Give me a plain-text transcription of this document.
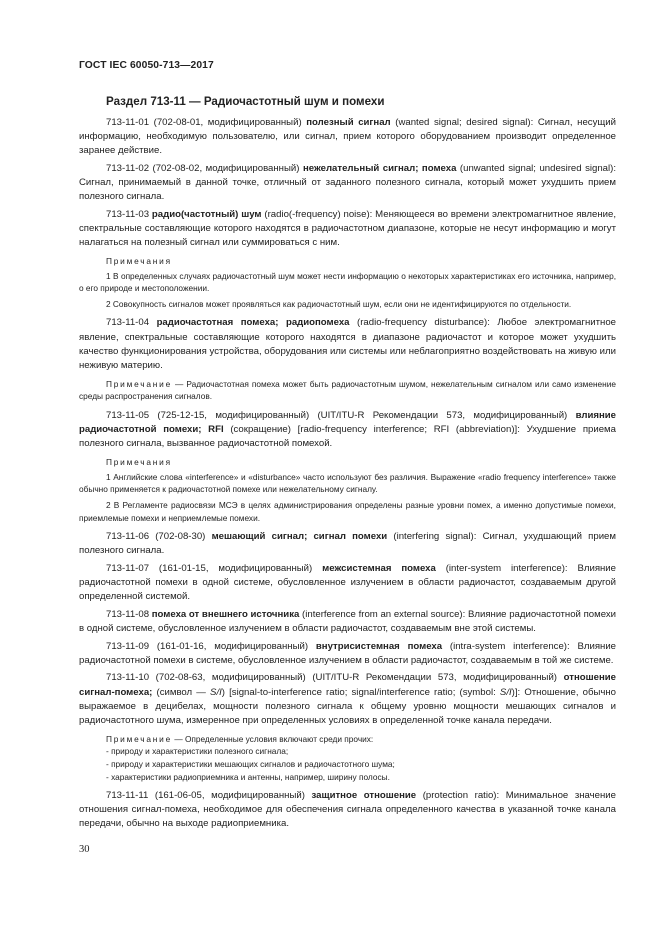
ГОСТ IEC 60050-713—2017
Раздел 713-11 — Радиочастотный шум и помехи

713-11-01 (702-08-01, модифицированный) полезный сигнал (wanted signal; desired signal): Сигнал, несущий информацию, необходимую пользователю, или сигнал, прием которого оборудованием производит определенное заранее действие.

713-11-02 (702-08-02, модифицированный) нежелательный сигнал; помеха (unwanted signal; undesired signal): Сигнал, принимаемый в данной точке, отличный от заданного полезного сигнала, который может ухудшить прием полезного сигнала.

713-11-03 радио(частотный) шум (radio(-frequency) noise): Меняющееся во времени электромагнитное явление, спектральные составляющие которого находятся в радиочастотном диапазоне, которые не несут информацию и могут налагаться на полезный сигнал или суммироваться с ним.

Примечания

1 В определенных случаях радиочастотный шум может нести информацию о некоторых характеристиках его источника, например, о его природе и местоположении.

2 Совокупность сигналов может проявляться как радиочастотный шум, если они не идентифицируются по отдельности.

713-11-04 радиочастотная помеха; радиопомеха (radio-frequency disturbance): Любое электромагнитное явление, спектральные составляющие которого находятся в диапазоне радиочастот и которое может ухудшить качество функционирования устройства, оборудования или системы или неблагоприятно воздействовать на живую или неживую материю.

Примечание — Радиочастотная помеха может быть радиочастотным шумом, нежелательным сигналом или само изменение среды распространения сигналов.

713-11-05 (725-12-15, модифицированный) (UIT/ITU-R Рекомендации 573, модифицированный) влияние радиочастотной помехи; RFI (сокращение) [radio-frequency interference; RFI (abbreviation)]: Ухудшение приема полезного сигнала, вызванное радиочастотной помехой.

Примечания

1 Английские слова «interference» и «disturbance» часто используют без различия. Выражение «radio frequency interference» также обычно применяется к радиочастотной помехе или нежелательному сигналу.

2 В Регламенте радиосвязи МСЭ в целях администрирования определены разные уровни помех, а именно допустимые помехи, приемлемые помехи и неприемлемые помехи.

713-11-06 (702-08-30) мешающий сигнал; сигнал помехи (interfering signal): Сигнал, ухудшающий прием полезного сигнала.

713-11-07 (161-01-15, модифицированный) межсистемная помеха (inter-system interference): Влияние радиочастотной помехи в одной системе, обусловленное излучением в области радиочастот, создаваемым другой определенной системой.

713-11-08 помеха от внешнего источника (interference from an external source): Влияние радиочастотной помехи в одной системе, обусловленное излучением в области радиочастот, создаваемым вне этой системы.

713-11-09 (161-01-16, модифицированный) внутрисистемная помеха (intra-system interference): Влияние радиочастотной помехи в системе, обусловленное излучением в области радиочастот, создаваемым в той же системе.

713-11-10 (702-08-63, модифицированный) (UIT/ITU-R Рекомендации 573, модифицированный) отношение сигнал-помеха; (символ — S/I) [signal-to-interference ratio; signal/interference ratio; (symbol: S/I)]: Отношение, обычно выражаемое в децибелах, мощности полезного сигнала к общему уровню мощности мешающих сигналов и радиочастотного шума, измеренное при определенных условиях в определенной точке канала передачи.

Примечание — Определенные условия включают среди прочих:

- природу и характеристики полезного сигнала;
- природу и характеристики мешающих сигналов и радиочастотного шума;
- характеристики радиоприемника и антенны, например, ширину полосы.

713-11-11 (161-06-05, модифицированный) защитное отношение (protection ratio): Минимальное значение отношения сигнал-помеха, необходимое для обеспечения сигнала определенного качества в указанной точке канала передачи, обычно на выходе радиоприемника.

30
